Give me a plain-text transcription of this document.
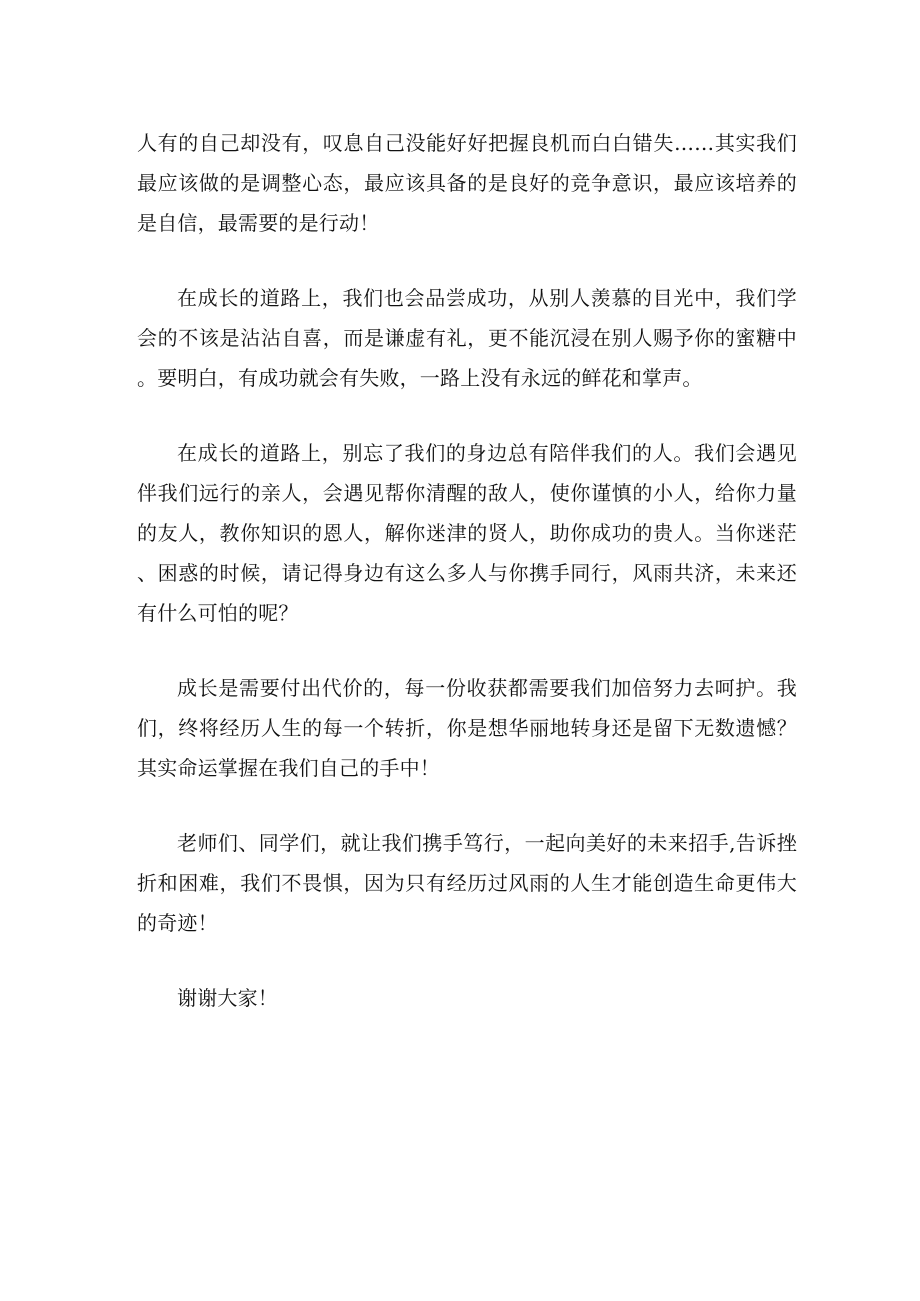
人有的自己却没有，叹息自己没能好好把握良机而白白错失……其实我们最应该做的是调整心态，最应该具备的是良好的竞争意识，最应该培养的是自信，最需要的是行动！

在成长的道路上，我们也会品尝成功，从别人羡慕的目光中，我们学会的不该是沾沾自喜，而是谦虚有礼，更不能沉浸在别人赐予你的蜜糖中。要明白，有成功就会有失败，一路上没有永远的鲜花和掌声。

在成长的道路上，别忘了我们的身边总有陪伴我们的人。我们会遇见伴我们远行的亲人，会遇见帮你清醒的敌人，使你谨慎的小人，给你力量的友人，教你知识的恩人，解你迷津的贤人，助你成功的贵人。当你迷茫、困惑的时候，请记得身边有这么多人与你携手同行，风雨共济，未来还有什么可怕的呢？

成长是需要付出代价的，每一份收获都需要我们加倍努力去呵护。我们，终将经历人生的每一个转折，你是想华丽地转身还是留下无数遗憾？其实命运掌握在我们自己的手中！

老师们、同学们，就让我们携手笃行，一起向美好的未来招手,告诉挫折和困难，我们不畏惧，因为只有经历过风雨的人生才能创造生命更伟大的奇迹！

谢谢大家！
